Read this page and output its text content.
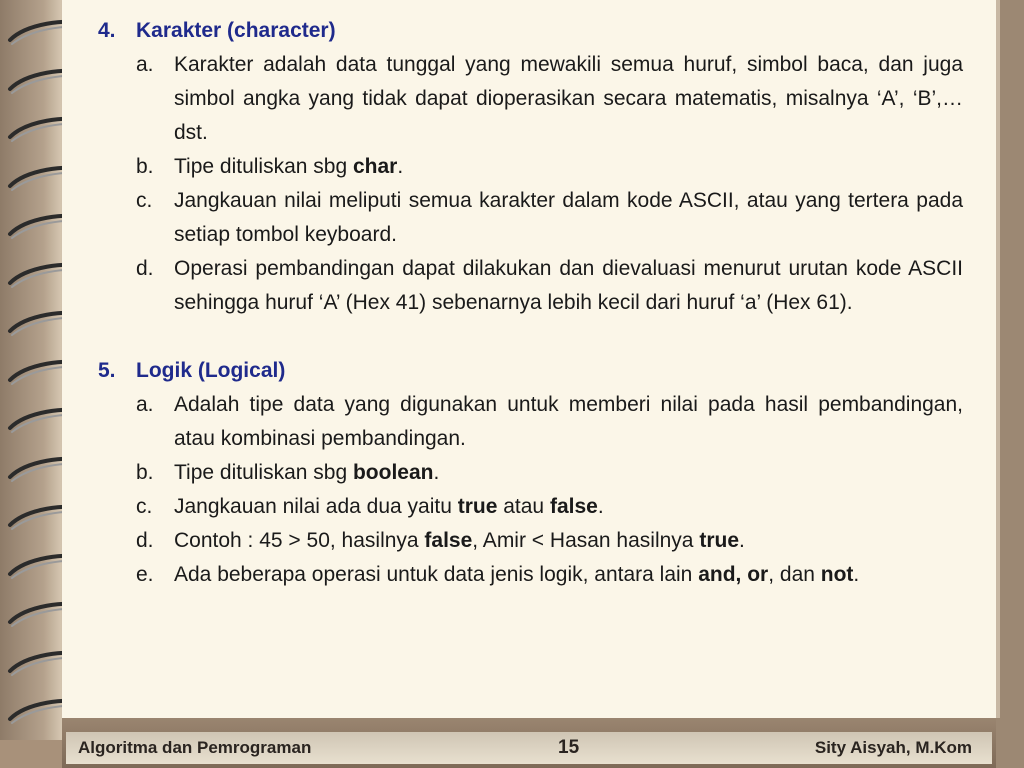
4. Karakter (character)
a. Karakter adalah data tunggal yang mewakili semua huruf, simbol baca, dan juga simbol angka yang tidak dapat dioperasikan secara matematis, misalnya ‘A’, ‘B’,…dst.
b. Tipe dituliskan sbg char.
c.	Jangkauan nilai meliputi semua karakter dalam kode ASCII, atau yang tertera pada setiap tombol keyboard.
d. Operasi pembandingan dapat dilakukan dan dievaluasi menurut urutan kode ASCII sehingga huruf ‘A’ (Hex 41) sebenarnya lebih kecil dari huruf ‘a’ (Hex 61).
5. Logik (Logical)
a. Adalah tipe data yang digunakan untuk memberi nilai pada hasil pembandingan, atau kombinasi pembandingan.
b. Tipe dituliskan sbg boolean.
c.	Jangkauan nilai ada dua yaitu true atau false.
d. Contoh : 45 > 50, hasilnya false, Amir < Hasan hasilnya true.
e. Ada beberapa operasi untuk data jenis logik, antara lain and, or, dan not.
Algoritma dan Pemrograman	15	Sity Aisyah, M.Kom
